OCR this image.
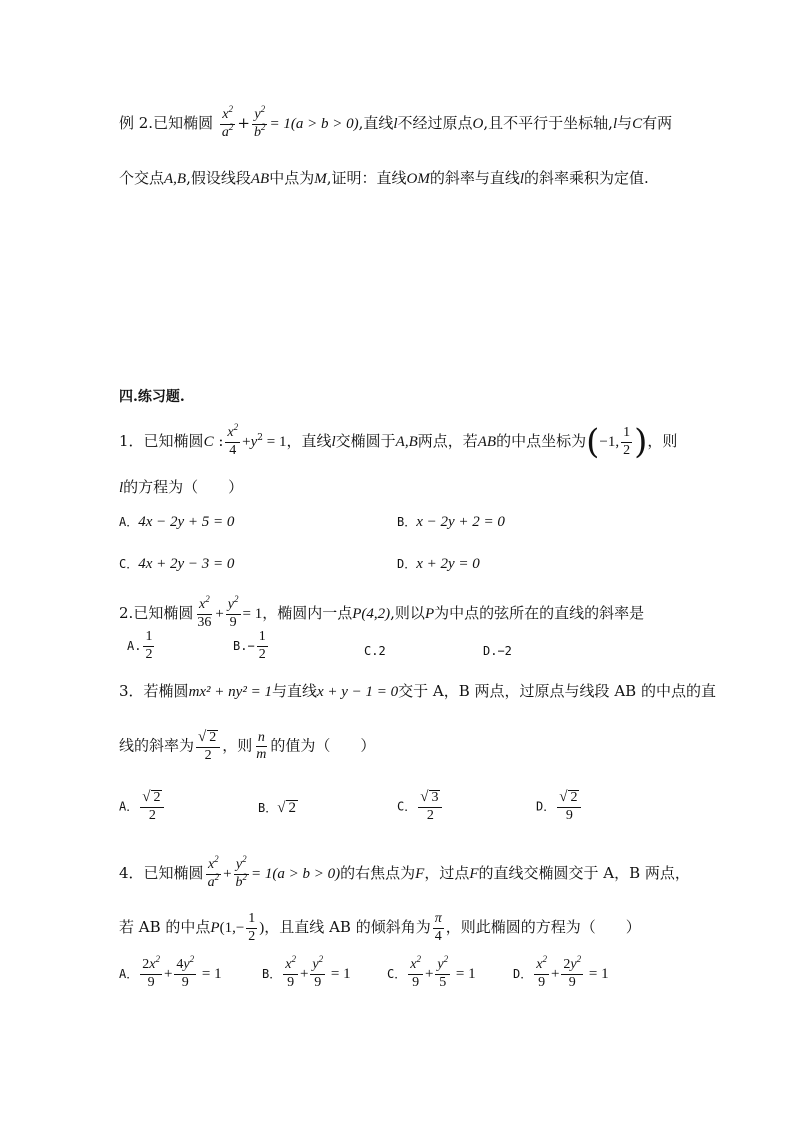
例 2.已知椭圆 $\frac{x^2}{a^2} + \frac{y^2}{b^2} = 1(a > b > 0)$,直线l不经过原点O,且不平行于坐标轴,l与C有两
个交点A,B,假设线段AB中点为M,证明：直线OM的斜率与直线l的斜率乘积为定值.
四.练习题.
1．已知椭圆C : $\frac{x^2}{4} +y^2 = 1$，直线l交椭圆于A,B两点，若AB的中点坐标为(−1, $\frac{1}{2}$ )，则
l的方程为（　　）
A．4x − 2y + 5 = 0	B．x − 2y + 2 = 0
C．4x + 2y − 3 = 0	D．x + 2y = 0
2.已知椭圆 $\frac{x^2}{36} + \frac{y^2}{9} = 1$，椭圆内一点P(4,2),则以P为中点的弦所在的直线的斜率是
A. $\frac{1}{2}$	$B.- \frac{1}{2}$	C.2	D.−2
3．若椭圆mx² + ny² = 1与直线x + y − 1 = 0交于 A，B 两点，过原点与线段 AB 的中点的直
线的斜率为 $\frac{√ 2}{2}$ ，则 $\frac{n}{m}$ 的值为（　　）
A． $\frac{√ 2}{2}$	B．√ 2	C． $\frac{√ 3}{2}$	D． $\frac{√ 2}{9}$
4．已知椭圆 $\frac{x^2}{a^2} + \frac{y^2}{b^2} = 1(a > b > 0)$的右焦点为F，过点F的直线交椭圆交于 A，B 两点，
若 AB 的中点$P(1,- \frac{1}{2}$ )，且直线 AB 的倾斜角为 $\frac{\pi}{4}$ ，则此椭圆的方程为（　　）
A． $\frac{2x^2}{9} + \frac{4y^2}{9} = 1$	B． $\frac{x^2}{9} + \frac{y^2}{9} = 1$	C． $\frac{x^2}{9} + \frac{y^2}{5} = 1$	D． $\frac{x^2}{9} + \frac{2y^2}{9} = 1$
